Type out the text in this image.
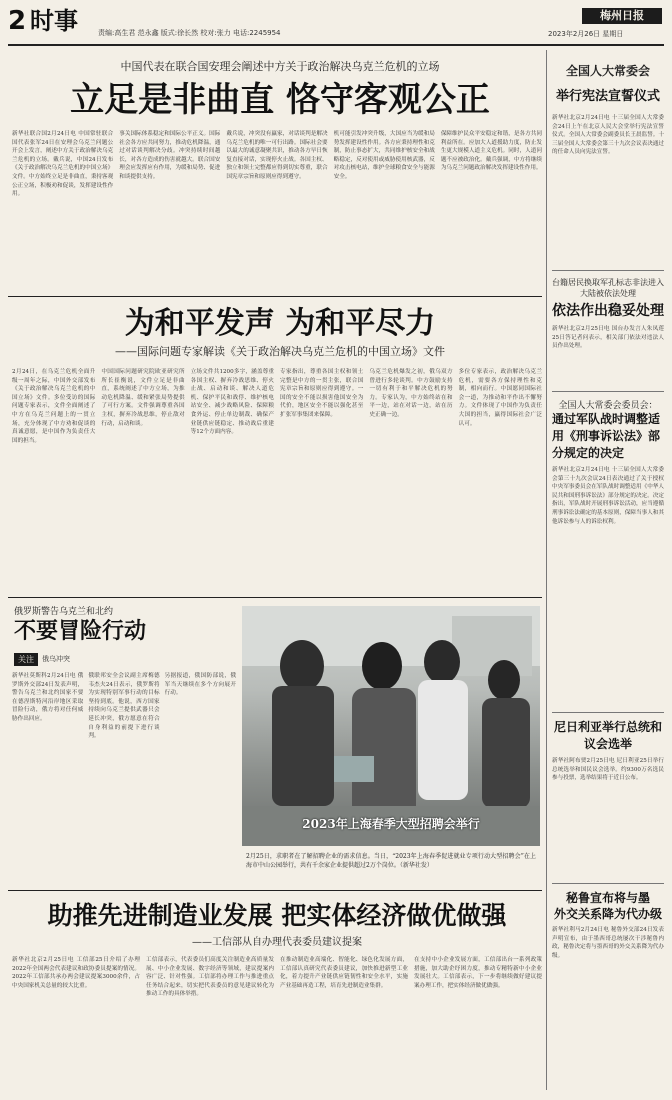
2 时事	责编:高生君 范永鑫 版式:徐长然 校对:张力 电话:2245954
梅州日报
2023年2月26日 星期日
全国人大常委会
举行宪法宣誓仪式
新华社北京2月24日电 十三届全国人大常委会24日上午在北京人民大会堂举行宪法宣誓仪式。全国人大常委会副委员长王晨监誓。十三届全国人大常委会第三十九次会议表决通过的任命人员向宪法宣誓。
台籍居民换取军孔标志非法进入大陆被依法处理
依法作出稳妥处理
新华社北京2月25日电 国台办发言人朱凤莲25日答记者问表示，相关部门依法对违法人员作出处理。
全国人大常委会委员会：
通过军队战时调整适用《刑事诉讼法》部分规定的决定
新华社北京2月24日电 十三届全国人大常委会第三十九次会议24日表决通过了关于授权中央军事委员会在军队战时调整适用《中华人民共和国刑事诉讼法》部分规定的决定。决定指出，军队战时开展刑事诉讼活动，应当遵循刑事诉讼法确定的基本原则，保障当事人和其他诉讼参与人的诉讼权利。
尼日利亚举行总统和议会选举
新华社阿布贾2月25日电 尼日利亚25日举行总统选举和国民议会选举。约9300万名选民参与投票，选举结果将于近日公布。
秘鲁宣布将与墨
外交关系降为代办级
新华社利马2月24日电 秘鲁外交部24日发表声明宣布，由于墨西哥总统屡次干涉秘鲁内政，秘鲁决定将与墨西哥的外交关系降为代办级。
中国代表在联合国安理会阐述中方关于政治解决乌克兰危机的立场
立足是非曲直 恪守客观公正
新华社联合国2月24日电 中国常驻联合国代表张军24日在安理会乌克兰问题公开会上发言，阐述中方关于政治解决乌克兰危机的立场。戴兵说，中国24日发布《关于政治解决乌克兰危机的中国立场》文件。中方始终立足是非曲直，秉持客观公正立场，积极劝和促谈，发挥建设性作用。
事关国际体系稳定和国际公平正义。国际社会各方应共同努力，推动危机降温，通过对话谈判解决分歧。冲突持续时间越长，对各方造成的伤害就越大。联合国安理会应发挥应有作用，为缓和局势、促进和谈提供支持。
戴兵说，冲突没有赢家，对话谈判是解决乌克兰危机的唯一可行出路。国际社会要以最大的诚意凝聚共识，推动各方早日恢复直接对话，实现停火止战。各国主权、独立和领土完整都应得到切实尊重，联合国宪章宗旨和原则应得到遵守。
机可能引发冲突升级，大国应当为缓和局势发挥建设性作用。各方应秉持理性和克制，防止事态扩大，共同维护核安全和战略稳定，反对使用或威胁使用核武器，反对攻击核电站，维护全球粮食安全与能源安全。
保障维护民众平安稳定和谐，是各方共同利益所在。应加大人道援助力度，防止发生更大规模人道主义危机。同时，人道问题不应被政治化。戴兵强调，中方将继续为乌克兰问题政治解决发挥建设性作用。
为和平发声 为和平尽力
——国际问题专家解读《关于政治解决乌克兰危机的中国立场》文件
2月24日，在乌克兰危机全面升级一周年之际，中国外交部发布《关于政治解决乌克兰危机的中国立场》文件。多位受访的国际问题专家表示，文件全面阐述了中方在乌克兰问题上的一贯立场，充分体现了中方劝和促谈的真诚意愿，是中国作为负责任大国的担当。
中国国际问题研究院欧亚研究所所长崔衡说，文件立足是非曲直，系统阐述了中方立场，为推动危机降温、缓和紧张局势提供了可行方案。文件强调尊重各国主权，摒弃冷战思维，停止敌对行动，启动和谈。
立场文件共1200多字，涵盖尊重各国主权、摒弃冷战思维、停火止战、启动和谈、解决人道危机、保护平民和战俘、维护核电站安全、减少战略风险、保障粮食外运、停止单边制裁、确保产业链供应链稳定、推动战后重建等12个方面内容。
专家指出，尊重各国主权和领土完整是中方的一贯主张，联合国宪章宗旨和原则应得到遵守。一国的安全不能以损害他国安全为代价，地区安全不能以强化甚至扩张军事集团来保障。
乌克兰危机爆发之初，俄乌双方曾进行多轮谈判。中方鼓励支持一切有利于和平解决危机的努力。专家认为，中方始终站在和平一边，站在对话一边，站在历史正确一边。
多位专家表示，政治解决乌克兰危机，需要各方保持理性和克制，相向而行。中国愿同国际社会一道，为推动和平作出不懈努力。文件体现了中国作为负责任大国的担当，赢得国际社会广泛认可。
俄罗斯警告乌克兰和北约
不要冒险行动
关注	俄乌冲突
新华社莫斯科2月24日电 俄罗斯外交部24日发表声明，警告乌克兰和北约国家不要在德涅斯特河沿岸地区采取冒险行动，俄方将对任何威胁作出回应。
俄联邦安全会议副主席梅德韦杰夫24日表示，俄罗斯将为实现特别军事行动的目标坚持到底。他说，西方国家持续向乌克兰提供武器只会延长冲突，俄方愿意在符合自身利益的前提下进行谈判。
另据报道，俄国防部说，俄军当天继续在多个方向展开行动。
2023年上海春季大型招聘会举行
2月25日，求职者在了解招聘企业的需求信息。当日，“2023年上海春季促进就业专项行动大型招聘会”在上海市中山公园举行，共有千余家企业提供超过2万个岗位。（新华社发）
助推先进制造业发展 把实体经济做优做强
——工信部从自办理代表委员建议提案
新华社北京2月25日电 工信部25日介绍了办理2022年全国两会代表建议和政协委员提案的情况。2022年工信部共承办两会建议提案3000余件，占中央国家机关总量的较大比重。
工信部表示，代表委员们高度关注制造业高质量发展、中小企业发展、数字经济等领域，建议提案内容广泛、针对性强。工信部将办理工作与推进重点任务结合起来，切实把代表委员的意见建议转化为推动工作的具体举措。
在推动制造业高端化、智能化、绿色化发展方面，工信部认真研究代表委员建议，加快推进新型工业化，着力提升产业链供应链韧性和安全水平，实施产业基础再造工程，培育先进制造业集群。
在支持中小企业发展方面，工信部出台一系列政策措施，加大助企纾困力度，推动专精特新中小企业发展壮大。工信部表示，下一步将继续做好建议提案办理工作，把实体经济做优做强。
